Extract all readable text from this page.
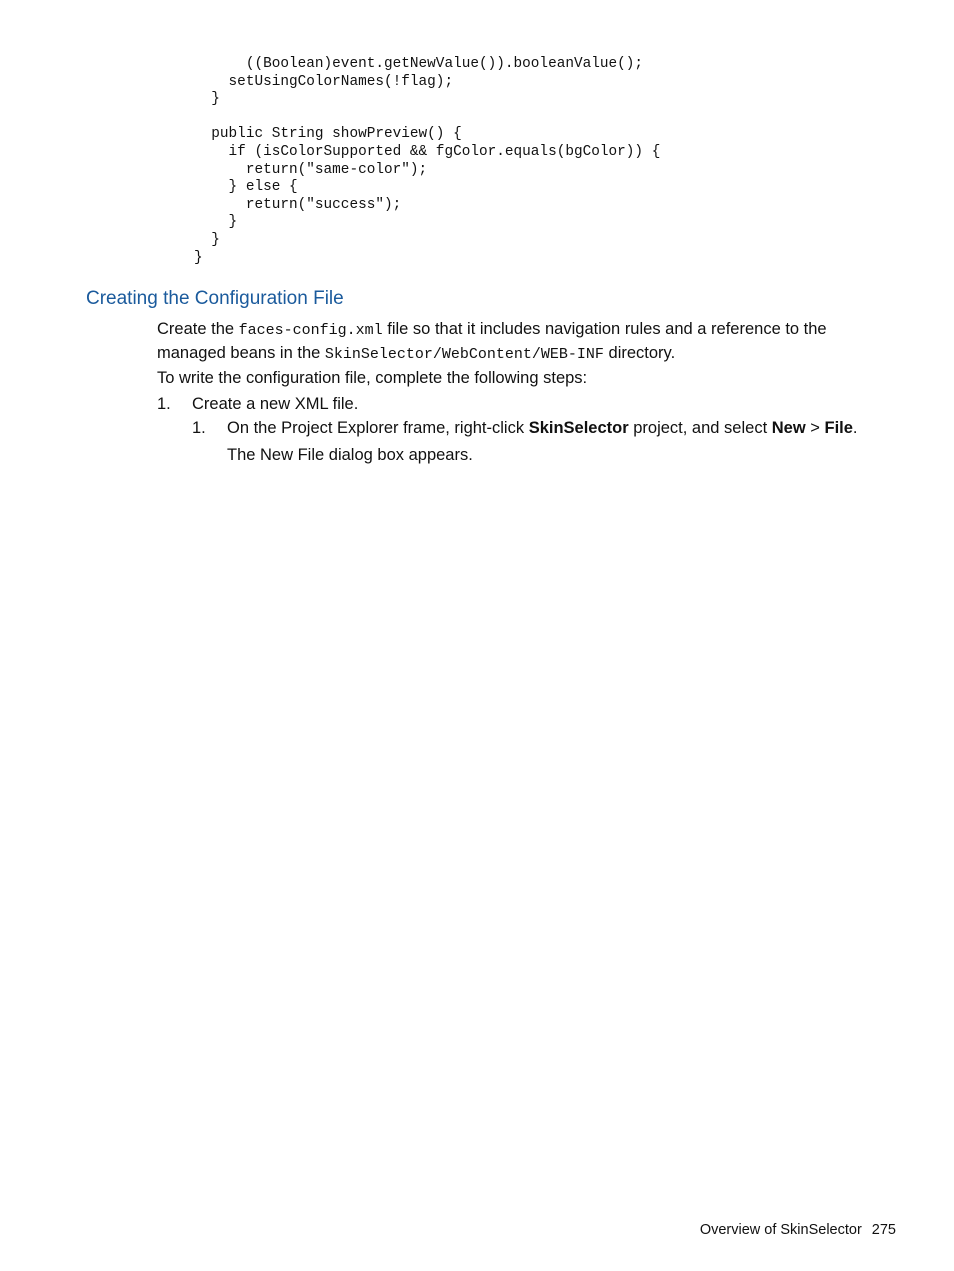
((Boolean)event.getNewValue()).booleanValue();
setUsingColorNames(!flag);
}
public String showPreview() {
if (isColorSupported && fgColor.equals(bgColor)) {
return("same-color");
} else {
return("success");
}
}
}
Creating the Configuration File

Create the faces-config.xml file so that it includes navigation rules and a reference to the
managed beans in the SkinSelector/WebContent/WEB-INF directory.

To write the configuration file, complete the following steps:

1. Create a new XML file.

1. On the Project Explorer frame, right-click SkinSelector project, and select New > File.

The New File dialog box appears.

Overview of SkinSelector 275
